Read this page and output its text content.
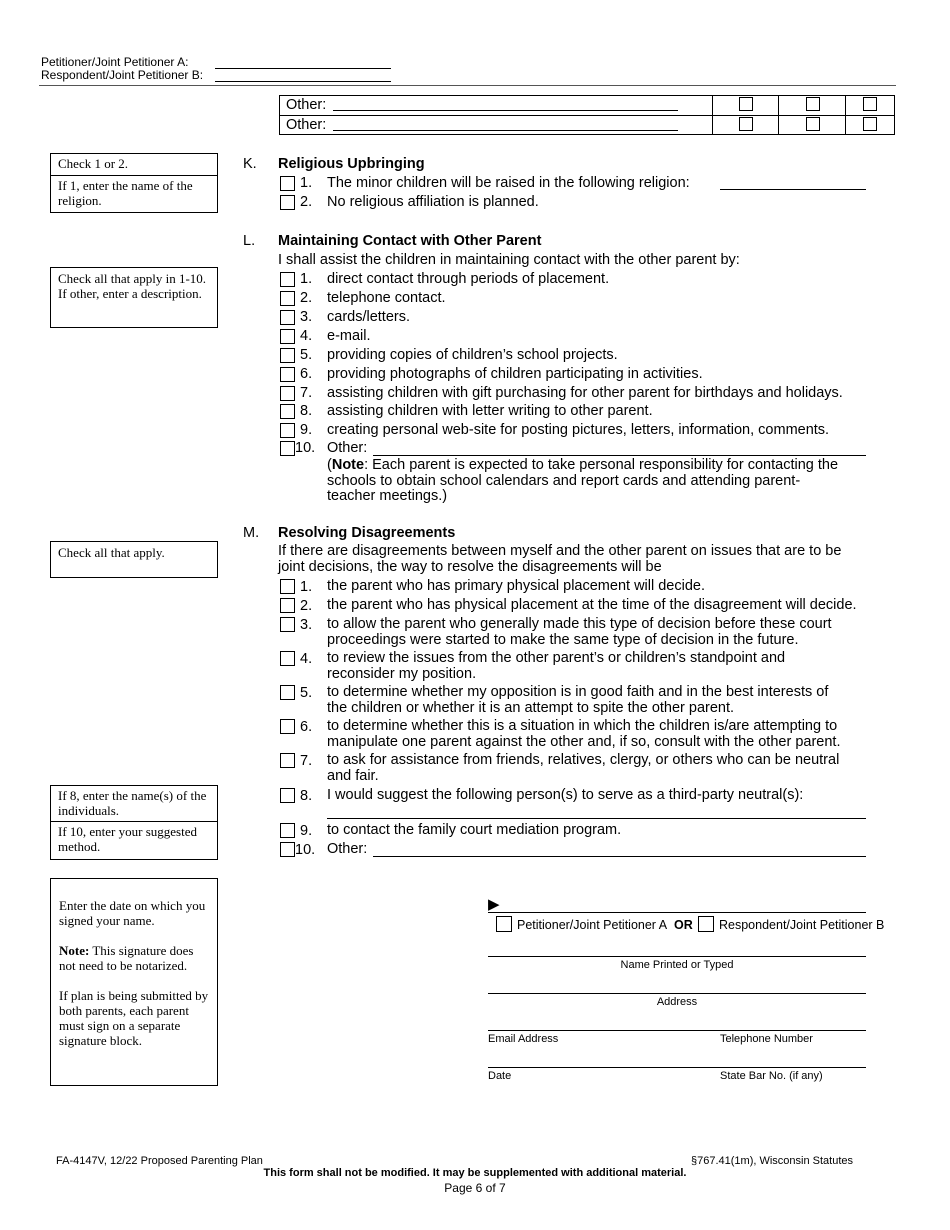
Petitioner/Joint Petitioner A:
Respondent/Joint Petitioner B:
Other:
Other:
Check 1 or 2.
If 1, enter the name of the religion.
Check all that apply in 1-10. If other, enter a description.
Check all that apply.
If 8, enter the name(s) of the individuals.
If 10, enter your suggested method.
Enter the date on which you signed your name.
Note: This signature does not need to be notarized.
If plan is being submitted by both parents, each parent must sign on a separate signature block.
K. Religious Upbringing
1. The minor children will be raised in the following religion:
2. No religious affiliation is planned.
L. Maintaining Contact with Other Parent
I shall assist the children in maintaining contact with the other parent by:
1. direct contact through periods of placement.
2. telephone contact.
3. cards/letters.
4. e-mail.
5. providing copies of children’s school projects.
6. providing photographs of children participating in activities.
7. assisting children with gift purchasing for other parent for birthdays and holidays.
8. assisting children with letter writing to other parent.
9. creating personal web-site for posting pictures, letters, information, comments.
10. Other:
(Note: Each parent is expected to take personal responsibility for contacting the
schools to obtain school calendars and report cards and attending parent-
teacher meetings.)
M. Resolving Disagreements
If there are disagreements between myself and the other parent on issues that are to be
joint decisions, the way to resolve the disagreements will be
1. the parent who has primary physical placement will decide.
2. the parent who has physical placement at the time of the disagreement will decide.
3. to allow the parent who generally made this type of decision before these court
proceedings were started to make the same type of decision in the future.
4. to review the issues from the other parent’s or children’s standpoint and
reconsider my position.
5. to determine whether my opposition is in good faith and in the best interests of
the children or whether it is an attempt to spite the other parent.
6. to determine whether this is a situation in which the children is/are attempting to
manipulate one parent against the other and, if so, consult with the other parent.
7. to ask for assistance from friends, relatives, clergy, or others who can be neutral
and fair.
8. I would suggest the following person(s) to serve as a third-party neutral(s):
9. to contact the family court mediation program.
10. Other:
▶
Petitioner/Joint Petitioner A OR Respondent/Joint Petitioner B
Name Printed or Typed
Address
Email Address	Telephone Number
Date	State Bar No. (if any)
FA-4147V, 12/22 Proposed Parenting Plan	§767.41(1m), Wisconsin Statutes
This form shall not be modified. It may be supplemented with additional material.
Page 6 of 7
